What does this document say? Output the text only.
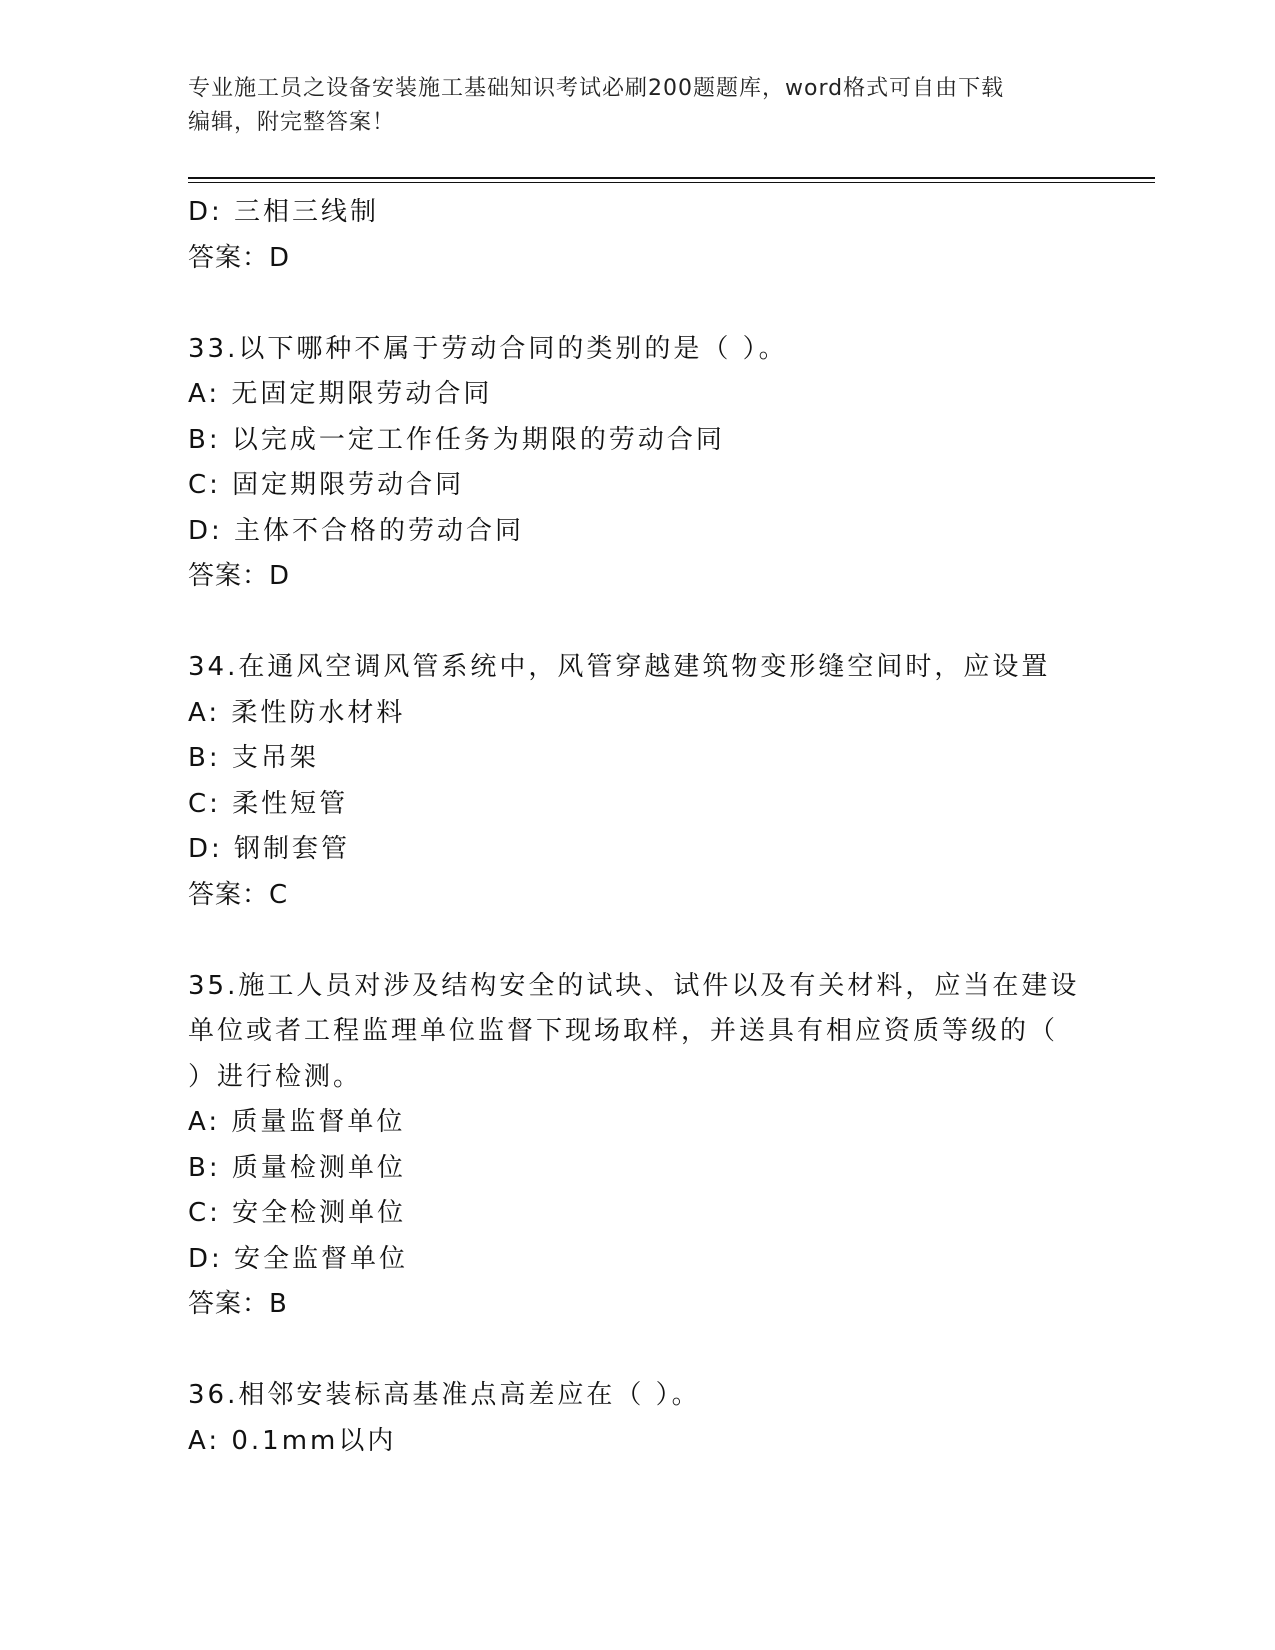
专业施工员之设备安装施工基础知识考试必刷200题题库，word格式可自由下载
编辑，附完整答案！
D: 三相三线制
答案：D
33.以下哪种不属于劳动合同的类别的是（ ）。
A: 无固定期限劳动合同
B: 以完成一定工作任务为期限的劳动合同
C: 固定期限劳动合同
D: 主体不合格的劳动合同
答案：D
34.在通风空调风管系统中，风管穿越建筑物变形缝空间时，应设置
A: 柔性防水材料
B: 支吊架
C: 柔性短管
D: 钢制套管
答案：C
35.施工人员对涉及结构安全的试块、试件以及有关材料，应当在建设
单位或者工程监理单位监督下现场取样，并送具有相应资质等级的（
）进行检测。
A: 质量监督单位
B: 质量检测单位
C: 安全检测单位
D: 安全监督单位
答案：B
36.相邻安装标高基准点高差应在（ ）。
A: 0.1mm以内
